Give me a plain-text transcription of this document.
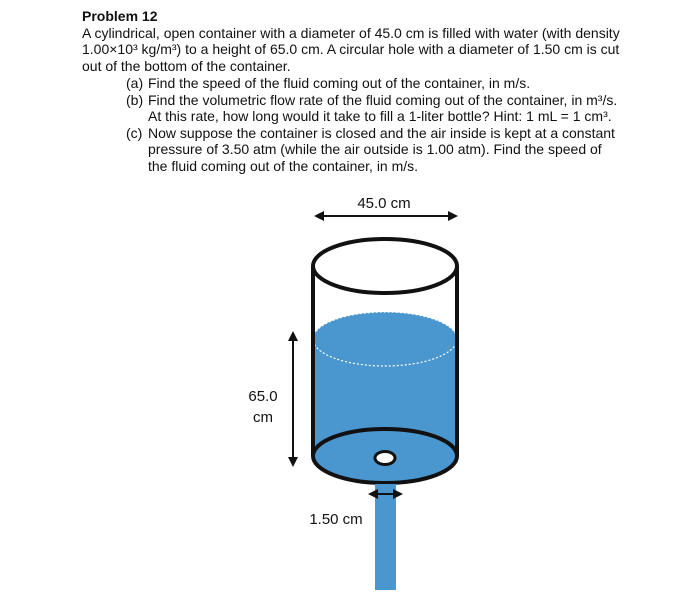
Problem 12
A cylindrical, open container with a diameter of 45.0 cm is filled with water (with density
1.00×10³ kg/m³) to a height of 65.0 cm. A circular hole with a diameter of 1.50 cm is cut
out of the bottom of the container.
(a) Find the speed of the fluid coming out of the container, in m/s.
(b) Find the volumetric flow rate of the fluid coming out of the container, in m³/s.
At this rate, how long would it take to fill a 1-liter bottle? Hint: 1 mL = 1 cm³.
(c) Now suppose the container is closed and the air inside is kept at a constant
pressure of 3.50 atm (while the air outside is 1.00 atm). Find the speed of
the fluid coming out of the container, in m/s.
45.0 cm
1.50 cm
65.0
cm
